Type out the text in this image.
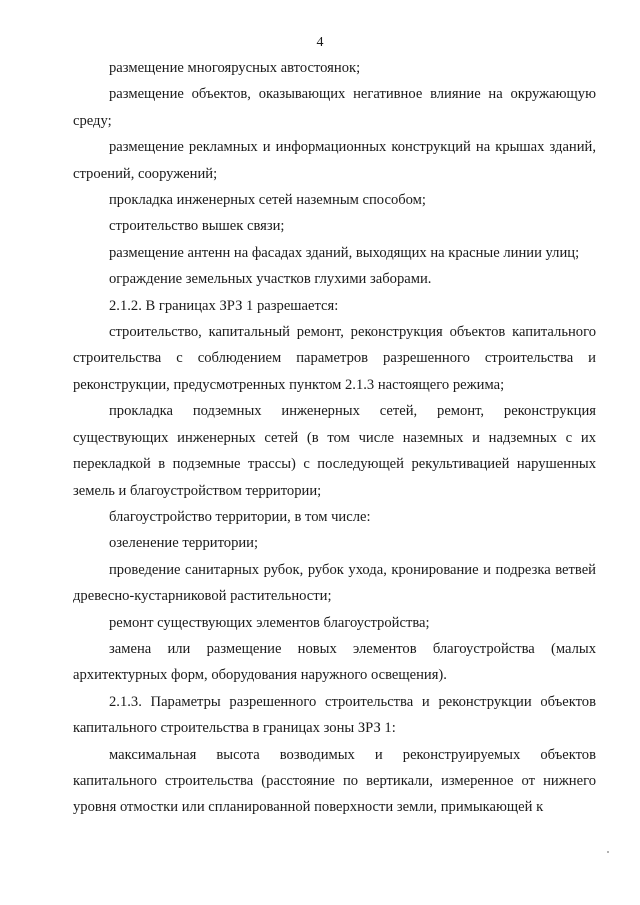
4

размещение многоярусных автостоянок;

размещение объектов, оказывающих негативное влияние на окружающую среду;

размещение рекламных и информационных конструкций на крышах зданий, строений, сооружений;

прокладка инженерных сетей наземным способом;

строительство вышек связи;

размещение антенн на фасадах зданий, выходящих на красные линии улиц;

ограждение земельных участков глухими заборами.

2.1.2. В границах ЗРЗ 1 разрешается:

строительство, капитальный ремонт, реконструкция объектов капитального строительства с соблюдением параметров разрешенного строительства и реконструкции, предусмотренных пунктом 2.1.3 настоящего режима;

прокладка подземных инженерных сетей, ремонт, реконструкция существующих инженерных сетей (в том числе наземных и надземных с их перекладкой в подземные трассы) с последующей рекультивацией нарушенных земель и благоустройством территории;

благоустройство территории, в том числе:

озеленение территории;

проведение санитарных рубок, рубок ухода, кронирование и подрезка ветвей древесно-кустарниковой растительности;

ремонт существующих элементов благоустройства;

замена или размещение новых элементов благоустройства (малых архитектурных форм, оборудования наружного освещения).

2.1.3. Параметры разрешенного строительства и реконструкции объектов капитального строительства в границах зоны ЗРЗ 1:

максимальная высота возводимых и реконструируемых объектов капитального строительства (расстояние по вертикали, измеренное от нижнего уровня отмостки или спланированной поверхности земли, примыкающей к
